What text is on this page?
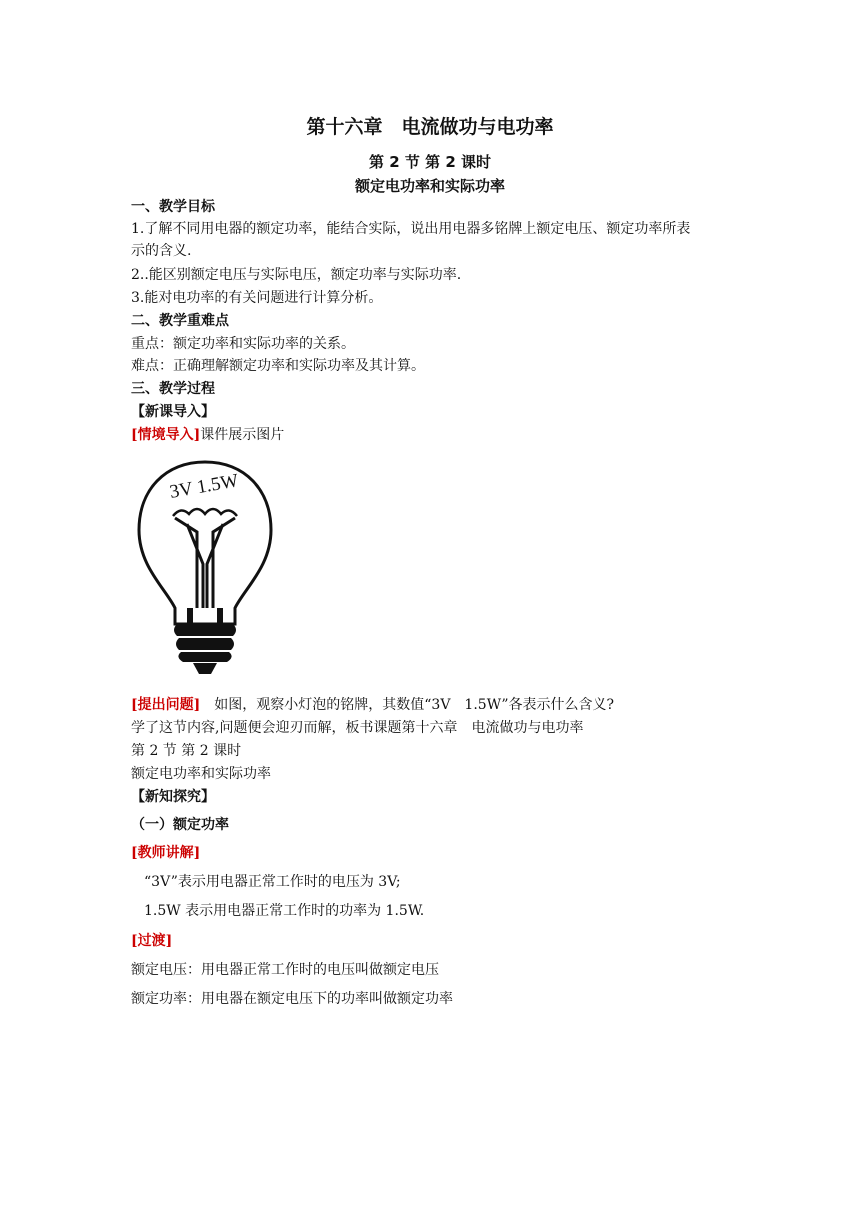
第十六章　电流做功与电功率
第 2 节 第 2 课时
额定电功率和实际功率
一、教学目标
1.了解不同用电器的额定功率，能结合实际，说出用电器多铭牌上额定电压、额定功率所表
示的含义.
2..能区别额定电压与实际电压，额定功率与实际功率.
3.能对电功率的有关问题进行计算分析。
二、教学重难点
重点：额定功率和实际功率的关系。
难点：正确理解额定功率和实际功率及其计算。
三、教学过程
【新课导入】
[情境导入]课件展示图片
3V 1.5W
[提出问题]　如图，观察小灯泡的铭牌，其数值“3V　1.5W”各表示什么含义?
学了这节内容,问题便会迎刃而解，板书课题第十六章　电流做功与电功率
第 2 节 第 2 课时
额定电功率和实际功率
【新知探究】
（一）额定功率
[教师讲解]
“3V”表示用电器正常工作时的电压为 3V;
1.5W 表示用电器正常工作时的功率为 1.5W.
[过渡]
额定电压：用电器正常工作时的电压叫做额定电压
额定功率：用电器在额定电压下的功率叫做额定功率
